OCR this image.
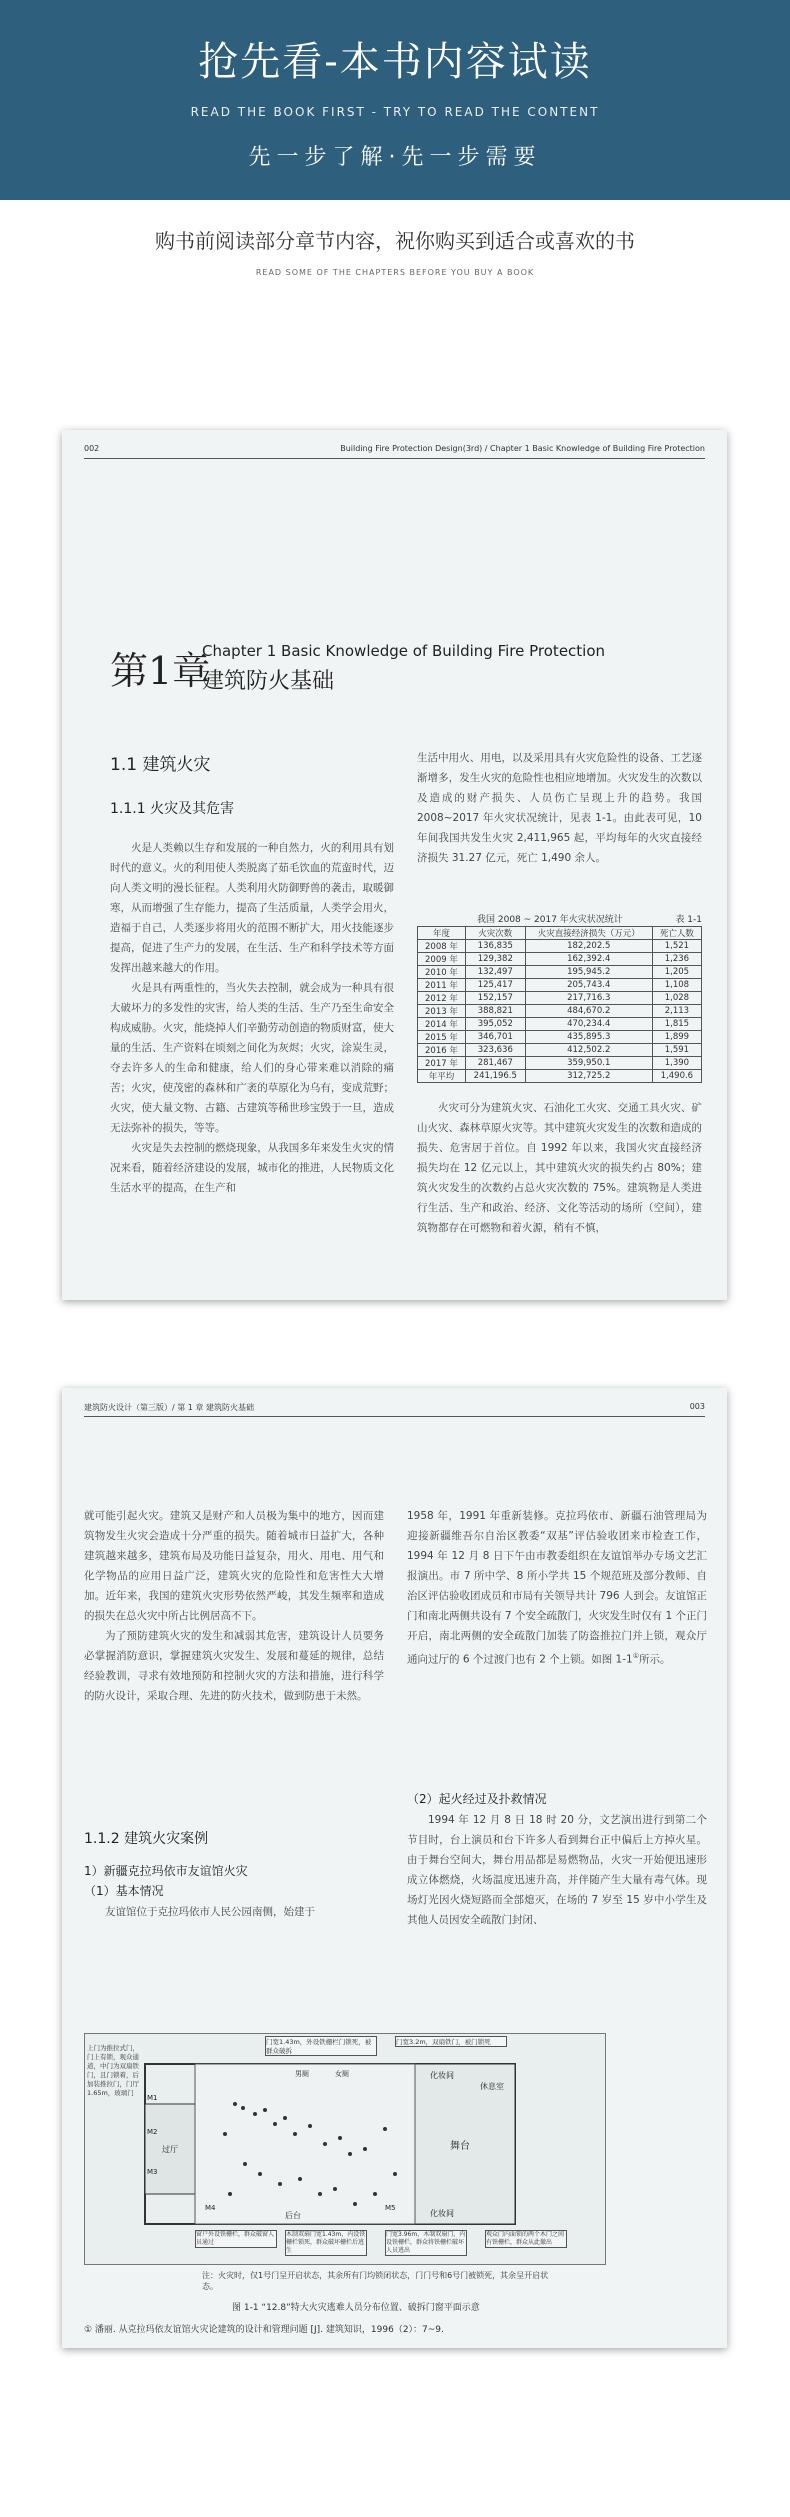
抢先看-本书内容试读
READ THE BOOK FIRST - TRY TO READ THE CONTENT
先一步了解·先一步需要
购书前阅读部分章节内容，祝你购买到适合或喜欢的书
READ SOME OF THE CHAPTERS BEFORE YOU BUY A BOOK
002	Building Fire Protection Design(3rd) / Chapter 1 Basic Knowledge of Building Fire Protection
第1章
Chapter 1 Basic Knowledge of Building Fire Protection
建筑防火基础
1.1 建筑火灾
1.1.1 火灾及其危害

火是人类赖以生存和发展的一种自然力，火的利用具有划时代的意义。火的利用使人类脱离了茹毛饮血的荒蛮时代，迈向人类文明的漫长征程。人类利用火防御野兽的袭击，取暖御寒，从而增强了生存能力，提高了生活质量，人类学会用火，造福于自己，人类逐步将用火的范围不断扩大，用火技能逐步提高，促进了生产力的发展，在生活、生产和科学技术等方面发挥出越来越大的作用。

火是具有两重性的，当火失去控制，就会成为一种具有很大破坏力的多发性的灾害，给人类的生活、生产乃至生命安全构成威胁。火灾，能烧掉人们辛勤劳动创造的物质财富，使大量的生活、生产资料在顷刻之间化为灰烬；火灾，涂炭生灵，夺去许多人的生命和健康，给人们的身心带来难以消除的痛苦；火灾，使茂密的森林和广袤的草原化为乌有，变成荒野；火灾，使大量文物、古籍、古建筑等稀世珍宝毁于一旦，造成无法弥补的损失，等等。

火灾是失去控制的燃烧现象，从我国多年来发生火灾的情况来看，随着经济建设的发展，城市化的推进，人民物质文化生活水平的提高，在生产和

生活中用火、用电，以及采用具有火灾危险性的设备、工艺逐渐增多，发生火灾的危险性也相应地增加。火灾发生的次数以及造成的财产损失、人员伤亡呈现上升的趋势。我国 2008~2017 年火灾状况统计，见表 1-1。由此表可见，10 年间我国共发生火灾 2,411,965 起，平均每年的火灾直接经济损失 31.27 亿元，死亡 1,490 余人。

我国 2008 ~ 2017 年火灾状况统计	表 1-1
年度	火灾次数	火灾直接经济损失（万元）	死亡人数
2008 年	136,835	182,202.5	1,521
2009 年	129,382	162,392.4	1,236
2010 年	132,497	195,945.2	1,205
2011 年	125,417	205,743.4	1,108
2012 年	152,157	217,716.3	1,028
2013 年	388,821	484,670.2	2,113
2014 年	395,052	470,234.4	1,815
2015 年	346,701	435,895.3	1,899
2016 年	323,636	412,502.2	1,591
2017 年	281,467	359,950.1	1,390
年平均	241,196.5	312,725.2	1,490.6

火灾可分为建筑火灾、石油化工火灾、交通工具火灾、矿山火灾、森林草原火灾等。其中建筑火灾发生的次数和造成的损失、危害居于首位。自 1992 年以来，我国火灾直接经济损失均在 12 亿元以上，其中建筑火灾的损失约占 80%；建筑火灾发生的次数约占总火灾次数的 75%。建筑物是人类进行生活、生产和政治、经济、文化等活动的场所（空间），建筑物都存在可燃物和着火源，稍有不慎，

建筑防火设计（第三版）/ 第 1 章 建筑防火基础	003

就可能引起火灾。建筑又是财产和人员极为集中的地方，因而建筑物发生火灾会造成十分严重的损失。随着城市日益扩大，各种建筑越来越多，建筑布局及功能日益复杂，用火、用电、用气和化学物品的应用日益广泛，建筑火灾的危险性和危害性大大增加。近年来，我国的建筑火灾形势依然严峻，其发生频率和造成的损失在总火灾中所占比例居高不下。

为了预防建筑火灾的发生和减弱其危害，建筑设计人员要务必掌握消防意识，掌握建筑火灾发生、发展和蔓延的规律，总结经验教训，寻求有效地预防和控制火灾的方法和措施，进行科学的防火设计，采取合理、先进的防火技术，做到防患于未然。

1.1.2 建筑火灾案例
1）新疆克拉玛依市友谊馆火灾
（1）基本情况

友谊馆位于克拉玛依市人民公园南侧，始建于

1958 年，1991 年重新装修。克拉玛依市、新疆石油管理局为迎接新疆维吾尔自治区教委“双基”评估验收团来市检查工作，1994 年 12 月 8 日下午由市教委组织在友谊馆举办专场文艺汇报演出。市 7 所中学、8 所小学共 15 个规范班及部分教师、自治区评估验收团成员和市局有关领导共计 796 人到会。友谊馆正门和南北两侧共设有 7 个安全疏散门，火灾发生时仅有 1 个正门开启，南北两侧的安全疏散门加装了防盗推拉门并上锁，观众厅通向过厅的 6 个过渡门也有 2 个上锁。如图 1-1①所示。

（2）起火经过及扑救情况

1994 年 12 月 8 日 18 时 20 分，文艺演出进行到第二个节目时，台上演员和台下许多人看到舞台正中偏后上方掉火星。由于舞台空间大，舞台用品都是易燃物品，火灾一开始便迅速形成立体燃烧，火场温度迅速升高，并伴随产生大量有毒气体。现场灯光因火烧短路而全部熄灭，在场的 7 岁至 15 岁中小学生及其他人员因安全疏散门封闭、

舞台
过厅
休息室
后台
化妆间
化妆间
男厕	女厕
M1
M2
M3
M4	M5
上门为推拉式门，门上有锁，观众通道，中门为双扇铁门，且门锁着，后加装推拉门，门厅1.65m，玻璃门
门宽1.43m，外设铁栅栏门锁死，被群众破拆
门宽3.2m，双扇铁门，被门锁死
窗户外设铁栅栏，群众破窗人员通过
木制双扇门宽1.43m，内设铁栅栏锁死，群众破坏栅栏后逃生
门宽3.96m，木制双扇门，内设铁栅栏，群众将铁栅栏破坏人员逃出
观众门内面锁的两个木门之间有铁栅栏，群众从此撤出
注：火灾时，仅1号门呈开启状态，其余所有门均锁闭状态，门门号和6号门被锁死，其余呈开启状态。
图 1-1 “12.8”特大火灾逃难人员分布位置、破拆门窗平面示意
① 潘丽. 从克拉玛依友谊馆火灾论建筑的设计和管理问题 [J]. 建筑知识，1996（2）：7~9.
